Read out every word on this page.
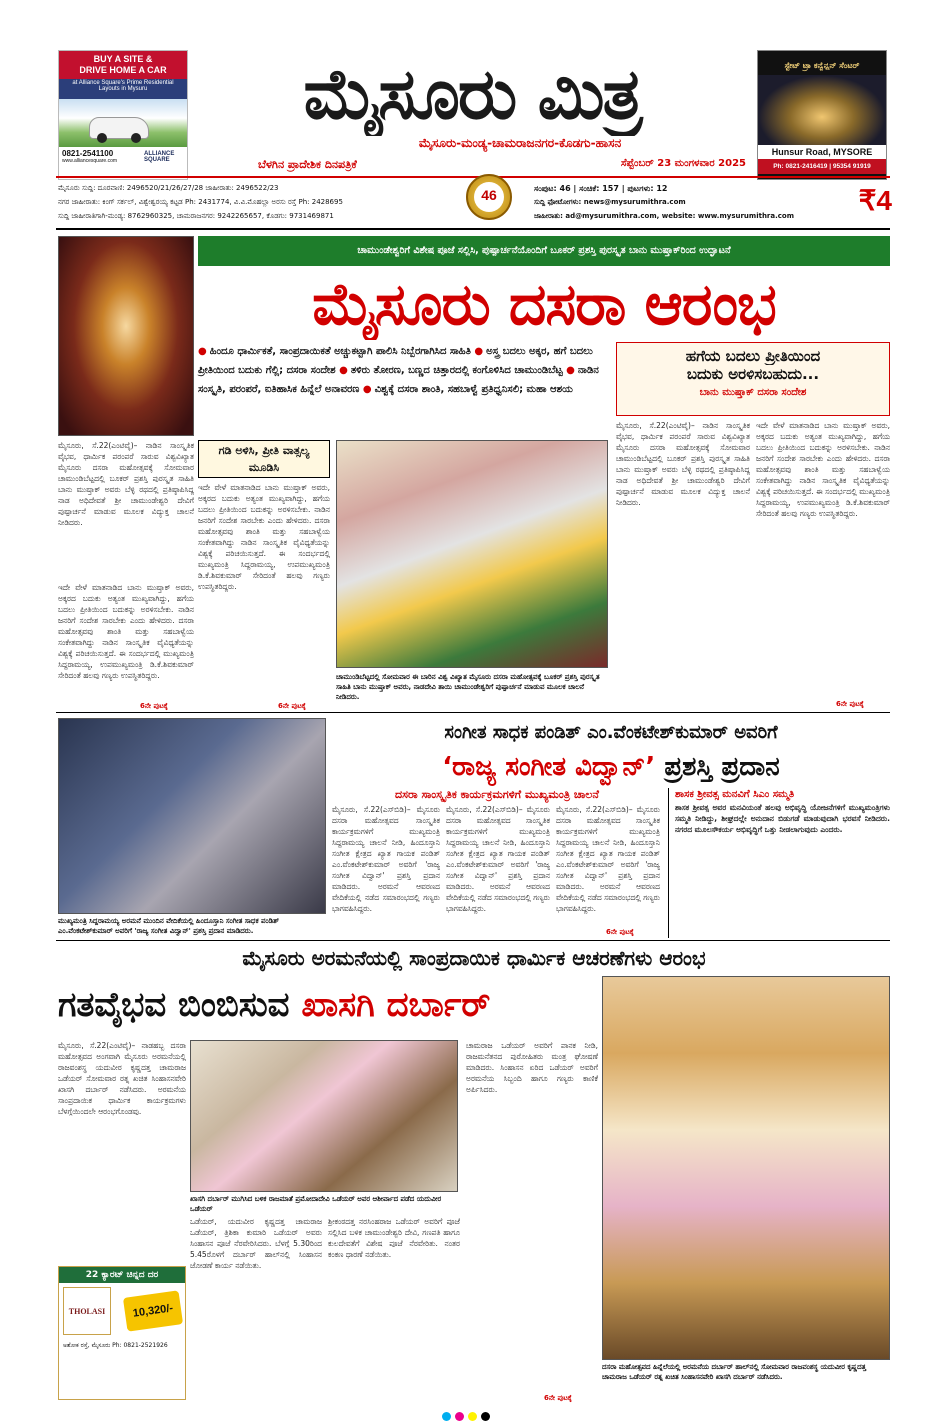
BUY A SITE &
DRIVE HOME A CAR
at Alliance Square's Prime Residential Layouts in Mysuru
0821-2541100
www.alliancesquare.com
ALLIANCE SQUARE
ಮೈಸೂರು ಮಿತ್ರ
ಮೈಸೂರು-ಮಂಡ್ಯ-ಚಾಮರಾಜನಗರ-ಕೊಡಗು-ಹಾಸನ
ಸ್ಟೇಟ್ ಟ್ರಾ ಕನ್ವೆನ್ಷನ್ ಸೆಂಟರ್
Hunsur Road, MYSORE
Ph: 0821-2416419 | 95354 91919
ಬೆಳಗಿನ ಪ್ರಾದೇಶಿಕ ದಿನಪತ್ರಿಕೆ	ಸೆಪ್ಟೆಂಬರ್ 23 ಮಂಗಳವಾರ 2025
ಮೈಸೂರು ಸುದ್ದಿ: ದೂರವಾಣಿ: 2496520/21/26/27/28 ಜಾಹೀರಾತು: 2496522/23
ನಗರ ಜಾಹೀರಾತು: ಕಿಂಗ್ ಸರ್ಕಲ್, ವಿಶ್ವೇಶ್ವರಯ್ಯ ಕಟ್ಟಡ Ph: 2431774, ವಿ.ವಿ.ಮೊಹಲ್ಲಾ ಅರಸು ರಸ್ತೆ Ph: 2428695
ಸುದ್ದಿ ಜಾಹೀರಾತಿಗಾಗಿ-ಮಂಡ್ಯ: 8762960325, ಚಾಮರಾಜನಗರ: 9242265657, ಕೊಡಗು: 9731469871
46	ಸಂಪುಟ: 46 | ಸಂಚಿಕೆ: 157 | ಪುಟಗಳು: 12
ಸುದ್ದಿ ಫೋಟೋಗಳು: news@mysurumithra.com
ಜಾಹೀರಾತು: ad@mysurumithra.com, website: www.mysurumithra.com	₹4
ಚಾಮುಂಡೇಶ್ವರಿಗೆ ವಿಶೇಷ ಪೂಜೆ ಸಲ್ಲಿಸಿ, ಪುಷ್ಪಾರ್ಚನೆಯೊಂದಿಗೆ ಬೂಕರ್ ಪ್ರಶಸ್ತಿ ಪುರಸ್ಕೃತ ಬಾನು ಮುಷ್ತಾಕ್‌ರಿಂದ ಉದ್ಘಾಟನೆ
ಮೈಸೂರು ದಸರಾ ಆರಂಭ
● ಹಿಂದೂ ಧಾರ್ಮಿಕತೆ, ಸಾಂಪ್ರದಾಯಿಕತೆ ಅಚ್ಚುಕಟ್ಟಾಗಿ ಪಾಲಿಸಿ ನಿಬ್ಬೆರಗಾಗಿಸಿದ ಸಾಹಿತಿ ● ಅಸ್ತ್ರ ಬದಲು ಅಕ್ಕರ, ಹಗೆ ಬದಲು ಪ್ರೀತಿಯಿಂದ ಬದುಕು ಗೆಲ್ಲಿ; ದಸರಾ ಸಂದೇಶ ● ತಳಿರು ತೋರಣ, ಬಣ್ಣದ ಚಿತ್ತಾರದಲ್ಲಿ ಕಂಗೊಳಿಸಿದ ಚಾಮುಂಡಿಬೆಟ್ಟ ● ನಾಡಿನ ಸಂಸ್ಕೃತಿ, ಪರಂಪರೆ, ಐತಿಹಾಸಿಕ ಹಿನ್ನೆಲೆ ಅನಾವರಣ ● ವಿಶ್ವಕ್ಕೆ ದಸರಾ ಶಾಂತಿ, ಸಹಬಾಳ್ವೆ ಪ್ರತಿಧ್ವನಿಸಲಿ; ಮಹಾ ಆಶಯ
ಹಗೆಯ ಬದಲು ಪ್ರೀತಿಯಿಂದ
ಬದುಕು ಅರಳಿಸಬಹುದು...
ಬಾನು ಮುಷ್ತಾಕ್ ದಸರಾ ಸಂದೇಶ
ಮೈಸೂರು, ಸೆ.22(ಎಂಟಿವೈ)– ನಾಡಿನ ಸಾಂಸ್ಕೃತಿಕ ವೈಭವ, ಧಾರ್ಮಿಕ ಪರಂಪರೆ ಸಾರುವ ವಿಶ್ವವಿಖ್ಯಾತ ಮೈಸೂರು ದಸರಾ ಮಹೋತ್ಸವಕ್ಕೆ ಸೋಮವಾರ ಚಾಮುಂಡಿಬೆಟ್ಟದಲ್ಲಿ ಬೂಕರ್ ಪ್ರಶಸ್ತಿ ಪುರಸ್ಕೃತ ಸಾಹಿತಿ ಬಾನು ಮುಷ್ತಾಕ್ ಅವರು ಬೆಳ್ಳಿ ರಥದಲ್ಲಿ ಪ್ರತಿಷ್ಠಾಪಿಸಿದ್ದ ನಾಡ ಅಧಿದೇವತೆ ಶ್ರೀ ಚಾಮುಂಡೇಶ್ವರಿ ದೇವಿಗೆ ಪುಷ್ಪಾರ್ಚನೆ ಮಾಡುವ ಮೂಲಕ ವಿದ್ಯುಕ್ತ ಚಾಲನೆ ನೀಡಿದರು.
ಇದೇ ವೇಳೆ ಮಾತನಾಡಿದ ಬಾನು ಮುಷ್ತಾಕ್ ಅವರು, ಅಕ್ಕರದ ಬದುಕು ಅತ್ಯಂತ ಮುಖ್ಯವಾಗಿದ್ದು, ಹಗೆಯ ಬದಲು ಪ್ರೀತಿಯಿಂದ ಬದುಕನ್ನು ಅರಳಿಸಬೇಕು. ನಾಡಿನ ಜನರಿಗೆ ಸಂದೇಶ ಸಾರಬೇಕು ಎಂದು ಹೇಳಿದರು. ದಸರಾ ಮಹೋತ್ಸವವು ಶಾಂತಿ ಮತ್ತು ಸಹಬಾಳ್ವೆಯ ಸಂಕೇತವಾಗಿದ್ದು ನಾಡಿನ ಸಾಂಸ್ಕೃತಿಕ ವೈವಿಧ್ಯತೆಯನ್ನು ವಿಶ್ವಕ್ಕೆ ಪರಿಚಯಿಸುತ್ತದೆ. ಈ ಸಂದರ್ಭದಲ್ಲಿ ಮುಖ್ಯಮಂತ್ರಿ ಸಿದ್ದರಾಮಯ್ಯ, ಉಪಮುಖ್ಯಮಂತ್ರಿ ಡಿ.ಕೆ.ಶಿವಕುಮಾರ್ ಸೇರಿದಂತೆ ಹಲವು ಗಣ್ಯರು ಉಪಸ್ಥಿತರಿದ್ದರು.
6ನೇ ಪುಟಕ್ಕೆ
ಗಡಿ ಅಳಿಸಿ, ಪ್ರೀತಿ ವಾತ್ಸಲ್ಯ ಮೂಡಿಸಿ
ಇದೇ ವೇಳೆ ಮಾತನಾಡಿದ ಬಾನು ಮುಷ್ತಾಕ್ ಅವರು, ಅಕ್ಕರದ ಬದುಕು ಅತ್ಯಂತ ಮುಖ್ಯವಾಗಿದ್ದು, ಹಗೆಯ ಬದಲು ಪ್ರೀತಿಯಿಂದ ಬದುಕನ್ನು ಅರಳಿಸಬೇಕು. ನಾಡಿನ ಜನರಿಗೆ ಸಂದೇಶ ಸಾರಬೇಕು ಎಂದು ಹೇಳಿದರು. ದಸರಾ ಮಹೋತ್ಸವವು ಶಾಂತಿ ಮತ್ತು ಸಹಬಾಳ್ವೆಯ ಸಂಕೇತವಾಗಿದ್ದು ನಾಡಿನ ಸಾಂಸ್ಕೃತಿಕ ವೈವಿಧ್ಯತೆಯನ್ನು ವಿಶ್ವಕ್ಕೆ ಪರಿಚಯಿಸುತ್ತದೆ. ಈ ಸಂದರ್ಭದಲ್ಲಿ ಮುಖ್ಯಮಂತ್ರಿ ಸಿದ್ದರಾಮಯ್ಯ, ಉಪಮುಖ್ಯಮಂತ್ರಿ ಡಿ.ಕೆ.ಶಿವಕುಮಾರ್ ಸೇರಿದಂತೆ ಹಲವು ಗಣ್ಯರು ಉಪಸ್ಥಿತರಿದ್ದರು.
6ನೇ ಪುಟಕ್ಕೆ
ಚಾಮುಂಡಿಬೆಟ್ಟದಲ್ಲಿ ಸೋಮವಾರ ಈ ಬಾರಿನ ವಿಶ್ವ ವಿಖ್ಯಾತ ಮೈಸೂರು ದಸರಾ ಮಹೋತ್ಸವಕ್ಕೆ ಬೂಕರ್ ಪ್ರಶಸ್ತಿ ಪುರಸ್ಕೃತ ಸಾಹಿತಿ ಬಾನು ಮುಷ್ತಾಕ್ ಅವರು, ನಾಡದೇವಿ ತಾಯಿ ಚಾಮುಂಡೇಶ್ವರಿಗೆ ಪುಷ್ಪಾರ್ಚನೆ ಮಾಡುವ ಮೂಲಕ ಚಾಲನೆ ನೀಡಿದರು.
ಮೈಸೂರು, ಸೆ.22(ಎಂಟಿವೈ)– ನಾಡಿನ ಸಾಂಸ್ಕೃತಿಕ ವೈಭವ, ಧಾರ್ಮಿಕ ಪರಂಪರೆ ಸಾರುವ ವಿಶ್ವವಿಖ್ಯಾತ ಮೈಸೂರು ದಸರಾ ಮಹೋತ್ಸವಕ್ಕೆ ಸೋಮವಾರ ಚಾಮುಂಡಿಬೆಟ್ಟದಲ್ಲಿ ಬೂಕರ್ ಪ್ರಶಸ್ತಿ ಪುರಸ್ಕೃತ ಸಾಹಿತಿ ಬಾನು ಮುಷ್ತಾಕ್ ಅವರು ಬೆಳ್ಳಿ ರಥದಲ್ಲಿ ಪ್ರತಿಷ್ಠಾಪಿಸಿದ್ದ ನಾಡ ಅಧಿದೇವತೆ ಶ್ರೀ ಚಾಮುಂಡೇಶ್ವರಿ ದೇವಿಗೆ ಪುಷ್ಪಾರ್ಚನೆ ಮಾಡುವ ಮೂಲಕ ವಿದ್ಯುಕ್ತ ಚಾಲನೆ ನೀಡಿದರು.
ಇದೇ ವೇಳೆ ಮಾತನಾಡಿದ ಬಾನು ಮುಷ್ತಾಕ್ ಅವರು, ಅಕ್ಕರದ ಬದುಕು ಅತ್ಯಂತ ಮುಖ್ಯವಾಗಿದ್ದು, ಹಗೆಯ ಬದಲು ಪ್ರೀತಿಯಿಂದ ಬದುಕನ್ನು ಅರಳಿಸಬೇಕು. ನಾಡಿನ ಜನರಿಗೆ ಸಂದೇಶ ಸಾರಬೇಕು ಎಂದು ಹೇಳಿದರು. ದಸರಾ ಮಹೋತ್ಸವವು ಶಾಂತಿ ಮತ್ತು ಸಹಬಾಳ್ವೆಯ ಸಂಕೇತವಾಗಿದ್ದು ನಾಡಿನ ಸಾಂಸ್ಕೃತಿಕ ವೈವಿಧ್ಯತೆಯನ್ನು ವಿಶ್ವಕ್ಕೆ ಪರಿಚಯಿಸುತ್ತದೆ. ಈ ಸಂದರ್ಭದಲ್ಲಿ ಮುಖ್ಯಮಂತ್ರಿ ಸಿದ್ದರಾಮಯ್ಯ, ಉಪಮುಖ್ಯಮಂತ್ರಿ ಡಿ.ಕೆ.ಶಿವಕುಮಾರ್ ಸೇರಿದಂತೆ ಹಲವು ಗಣ್ಯರು ಉಪಸ್ಥಿತರಿದ್ದರು.
6ನೇ ಪುಟಕ್ಕೆ
ಮುಖ್ಯಮಂತ್ರಿ ಸಿದ್ದರಾಮಯ್ಯ ಅರಮನೆ ಮುಂದಿನ ವೇದಿಕೆಯಲ್ಲಿ ಹಿಂದೂಸ್ತಾನಿ ಸಂಗೀತ ಸಾಧಕ ಪಂಡಿತ್ ಎಂ.ವೆಂಕಟೇಶ್‌ಕುಮಾರ್ ಅವರಿಗೆ 'ರಾಜ್ಯ ಸಂಗೀತ ವಿದ್ವಾನ್' ಪ್ರಶಸ್ತಿ ಪ್ರದಾನ ಮಾಡಿದರು.
ಸಂಗೀತ ಸಾಧಕ ಪಂಡಿತ್ ಎಂ.ವೆಂಕಟೇಶ್‌ಕುಮಾರ್ ಅವರಿಗೆ
‘ರಾಜ್ಯ ಸಂಗೀತ ವಿದ್ವಾನ್’ ಪ್ರಶಸ್ತಿ ಪ್ರದಾನ
ದಸರಾ ಸಾಂಸ್ಕೃತಿಕ ಕಾರ್ಯಕ್ರಮಗಳಿಗೆ ಮುಖ್ಯಮಂತ್ರಿ ಚಾಲನೆ
ಮೈಸೂರು, ಸೆ.22(ಎಸ್‌ಬಿಡಿ)– ಮೈಸೂರು ದಸರಾ ಮಹೋತ್ಸವದ ಸಾಂಸ್ಕೃತಿಕ ಕಾರ್ಯಕ್ರಮಗಳಿಗೆ ಮುಖ್ಯಮಂತ್ರಿ ಸಿದ್ದರಾಮಯ್ಯ ಚಾಲನೆ ನೀಡಿ, ಹಿಂದೂಸ್ತಾನಿ ಸಂಗೀತ ಕ್ಷೇತ್ರದ ಖ್ಯಾತ ಗಾಯಕ ಪಂಡಿತ್ ಎಂ.ವೆಂಕಟೇಶ್‌ಕುಮಾರ್ ಅವರಿಗೆ 'ರಾಜ್ಯ ಸಂಗೀತ ವಿದ್ವಾನ್' ಪ್ರಶಸ್ತಿ ಪ್ರದಾನ ಮಾಡಿದರು. ಅರಮನೆ ಆವರಣದ ವೇದಿಕೆಯಲ್ಲಿ ನಡೆದ ಸಮಾರಂಭದಲ್ಲಿ ಗಣ್ಯರು ಭಾಗವಹಿಸಿದ್ದರು.
ಮೈಸೂರು, ಸೆ.22(ಎಸ್‌ಬಿಡಿ)– ಮೈಸೂರು ದಸರಾ ಮಹೋತ್ಸವದ ಸಾಂಸ್ಕೃತಿಕ ಕಾರ್ಯಕ್ರಮಗಳಿಗೆ ಮುಖ್ಯಮಂತ್ರಿ ಸಿದ್ದರಾಮಯ್ಯ ಚಾಲನೆ ನೀಡಿ, ಹಿಂದೂಸ್ತಾನಿ ಸಂಗೀತ ಕ್ಷೇತ್ರದ ಖ್ಯಾತ ಗಾಯಕ ಪಂಡಿತ್ ಎಂ.ವೆಂಕಟೇಶ್‌ಕುಮಾರ್ ಅವರಿಗೆ 'ರಾಜ್ಯ ಸಂಗೀತ ವಿದ್ವಾನ್' ಪ್ರಶಸ್ತಿ ಪ್ರದಾನ ಮಾಡಿದರು. ಅರಮನೆ ಆವರಣದ ವೇದಿಕೆಯಲ್ಲಿ ನಡೆದ ಸಮಾರಂಭದಲ್ಲಿ ಗಣ್ಯರು ಭಾಗವಹಿಸಿದ್ದರು.
ಮೈಸೂರು, ಸೆ.22(ಎಸ್‌ಬಿಡಿ)– ಮೈಸೂರು ದಸರಾ ಮಹೋತ್ಸವದ ಸಾಂಸ್ಕೃತಿಕ ಕಾರ್ಯಕ್ರಮಗಳಿಗೆ ಮುಖ್ಯಮಂತ್ರಿ ಸಿದ್ದರಾಮಯ್ಯ ಚಾಲನೆ ನೀಡಿ, ಹಿಂದೂಸ್ತಾನಿ ಸಂಗೀತ ಕ್ಷೇತ್ರದ ಖ್ಯಾತ ಗಾಯಕ ಪಂಡಿತ್ ಎಂ.ವೆಂಕಟೇಶ್‌ಕುಮಾರ್ ಅವರಿಗೆ 'ರಾಜ್ಯ ಸಂಗೀತ ವಿದ್ವಾನ್' ಪ್ರಶಸ್ತಿ ಪ್ರದಾನ ಮಾಡಿದರು. ಅರಮನೆ ಆವರಣದ ವೇದಿಕೆಯಲ್ಲಿ ನಡೆದ ಸಮಾರಂಭದಲ್ಲಿ ಗಣ್ಯರು ಭಾಗವಹಿಸಿದ್ದರು.
6ನೇ ಪುಟಕ್ಕೆ
ಶಾಸಕ ಶ್ರೀವತ್ಸ ಮನವಿಗೆ ಸಿಎಂ ಸಮ್ಮತಿ
ಶಾಸಕ ಶ್ರೀವತ್ಸ ಅವರ ಮನವಿಯಂತೆ ಹಲವು ಅಭಿವೃದ್ಧಿ ಯೋಜನೆಗಳಿಗೆ ಮುಖ್ಯಮಂತ್ರಿಗಳು ಸಮ್ಮತಿ ನೀಡಿದ್ದು, ಶೀಘ್ರದಲ್ಲೇ ಅನುದಾನ ಬಿಡುಗಡೆ ಮಾಡುವುದಾಗಿ ಭರವಸೆ ನೀಡಿದರು. ನಗರದ ಮೂಲಸೌಕರ್ಯ ಅಭಿವೃದ್ಧಿಗೆ ಒತ್ತು ನೀಡಲಾಗುವುದು ಎಂದರು.
ಮೈಸೂರು ಅರಮನೆಯಲ್ಲಿ ಸಾಂಪ್ರದಾಯಿಕ ಧಾರ್ಮಿಕ ಆಚರಣೆಗಳು ಆರಂಭ
ಗತವೈಭವ ಬಿಂಬಿಸುವ ಖಾಸಗಿ ದರ್ಬಾರ್
ದಸರಾ ಮಹೋತ್ಸವದ ಹಿನ್ನೆಲೆಯಲ್ಲಿ ಅರಮನೆಯ ದರ್ಬಾರ್ ಹಾಲ್‌ನಲ್ಲಿ ಸೋಮವಾರ ರಾಜವಂಶಸ್ಥ ಯದುವೀರ ಕೃಷ್ಣದತ್ತ ಚಾಮರಾಜ ಒಡೆಯರ್ ರತ್ನ ಖಚಿತ ಸಿಂಹಾಸನವೇರಿ ಖಾಸಗಿ ದರ್ಬಾರ್ ನಡೆಸಿದರು.
ಮೈಸೂರು, ಸೆ.22(ಎಂಟಿವೈ)– ನಾಡಹಬ್ಬ ದಸರಾ ಮಹೋತ್ಸವದ ಅಂಗವಾಗಿ ಮೈಸೂರು ಅರಮನೆಯಲ್ಲಿ ರಾಜವಂಶಸ್ಥ ಯದುವೀರ ಕೃಷ್ಣದತ್ತ ಚಾಮರಾಜ ಒಡೆಯರ್ ಸೋಮವಾರ ರತ್ನ ಖಚಿತ ಸಿಂಹಾಸನವೇರಿ ಖಾಸಗಿ ದರ್ಬಾರ್ ನಡೆಸಿದರು. ಅರಮನೆಯ ಸಾಂಪ್ರದಾಯಿಕ ಧಾರ್ಮಿಕ ಕಾರ್ಯಕ್ರಮಗಳು ಬೆಳಗ್ಗೆಯಿಂದಲೇ ಆರಂಭಗೊಂಡವು.
ಖಾಸಗಿ ದರ್ಬಾರ್ ಮುಗಿಸಿದ ಬಳಿಕ ರಾಜಮಾತೆ ಪ್ರಮೋದಾದೇವಿ ಒಡೆಯರ್ ಅವರ ಆಶೀರ್ವಾದ ಪಡೆದ ಯದುವೀರ ಒಡೆಯರ್
ಒಡೆಯರ್, ಯದುವೀರ ಕೃಷ್ಣದತ್ತ ಚಾಮರಾಜ ಒಡೆಯರ್, ತ್ರಿಶಿಕಾ ಕುಮಾರಿ ಒಡೆಯರ್ ಅವರು ಸಿಂಹಾಸನ ಪೂಜೆ ನೆರವೇರಿಸಿದರು. ಬೆಳಗ್ಗೆ 5.30ರಿಂದ 5.45ರೊಳಗೆ ದರ್ಬಾರ್ ಹಾಲ್‌ನಲ್ಲಿ ಸಿಂಹಾಸನ ಜೋಡಣೆ ಕಾರ್ಯ ನಡೆಯಿತು.
ಶ್ರೀಕಂಠದತ್ತ ನರಸಿಂಹರಾಜ ಒಡೆಯರ್ ಅವರಿಗೆ ಪೂಜೆ ಸಲ್ಲಿಸಿದ ಬಳಿಕ ಚಾಮುಂಡೇಶ್ವರಿ ದೇವಿ, ಗಣಪತಿ ಹಾಗೂ ಕುಲದೇವತೆಗೆ ವಿಶೇಷ ಪೂಜೆ ನೆರವೇರಿತು. ನಂತರ ಕಂಕಣ ಧಾರಣೆ ನಡೆಯಿತು.
ಚಾಮರಾಜ ಒಡೆಯರ್ ಅವರಿಗೆ ಪಾನಕ ನೀಡಿ, ರಾಜಮನೆತನದ ಪುರೋಹಿತರು ಮಂತ್ರ ಘೋಷಣೆ ಮಾಡಿದರು. ಸಿಂಹಾಸನ ಏರಿದ ಒಡೆಯರ್ ಅವರಿಗೆ ಅರಮನೆಯ ಸಿಬ್ಬಂದಿ ಹಾಗೂ ಗಣ್ಯರು ಕಾಣಿಕೆ ಅರ್ಪಿಸಿದರು.
6ನೇ ಪುಟಕ್ಕೆ
22 ಕ್ಯಾರಟ್ ಚಿನ್ನದ ದರ
THOLASI 10,320/-
ಅಶೋಕ ರಸ್ತೆ, ಮೈಸೂರು Ph: 0821-2521926
